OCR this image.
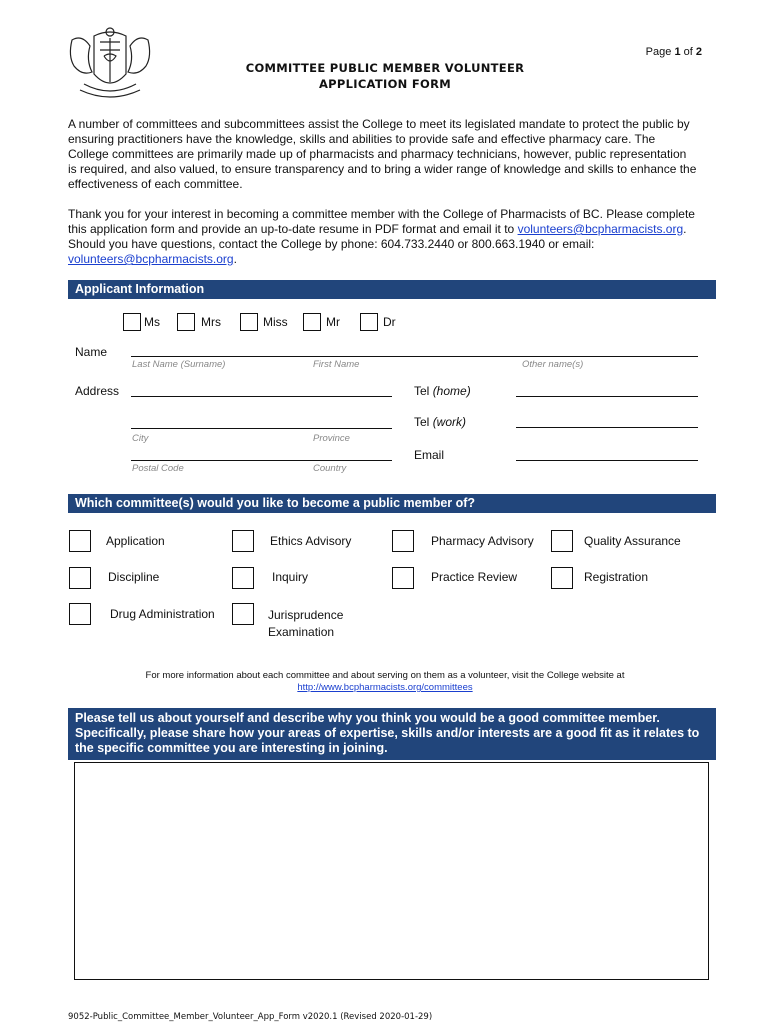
Page 1 of 2
COMMITTEE PUBLIC MEMBER VOLUNTEER
APPLICATION FORM
A number of committees and subcommittees assist the College to meet its legislated mandate to protect the public by ensuring practitioners have the knowledge, skills and abilities to provide safe and effective pharmacy care. The College committees are primarily made up of pharmacists and pharmacy technicians, however, public representation is required, and also valued, to ensure transparency and to bring a wider range of knowledge and skills to enhance the effectiveness of each committee.
Thank you for your interest in becoming a committee member with the College of Pharmacists of BC. Please complete this application form and provide an up-to-date resume in PDF format and email it to volunteers@bcpharmacists.org. Should you have questions, contact the College by phone: 604.733.2440 or 800.663.1940 or email: volunteers@bcpharmacists.org.
Applicant Information
Ms	Mrs	Miss	Mr	Dr
Name
Last Name (Surname)	First Name	Other name(s)
Address
City	Province
Postal Code	Country
Tel (home)
Tel (work)
Email
Which committee(s) would you like to become a public member of?
Application	Ethics Advisory	Pharmacy Advisory	Quality Assurance
Discipline	Inquiry	Practice Review	Registration
Drug Administration	Jurisprudence
Examination
For more information about each committee and about serving on them as a volunteer, visit the College website at
http://www.bcpharmacists.org/committees
Please tell us about yourself and describe why you think you would be a good committee member. Specifically, please share how your areas of expertise, skills and/or interests are a good fit as it relates to the specific committee you are interesting in joining.
9052-Public_Committee_Member_Volunteer_App_Form v2020.1 (Revised 2020-01-29)
